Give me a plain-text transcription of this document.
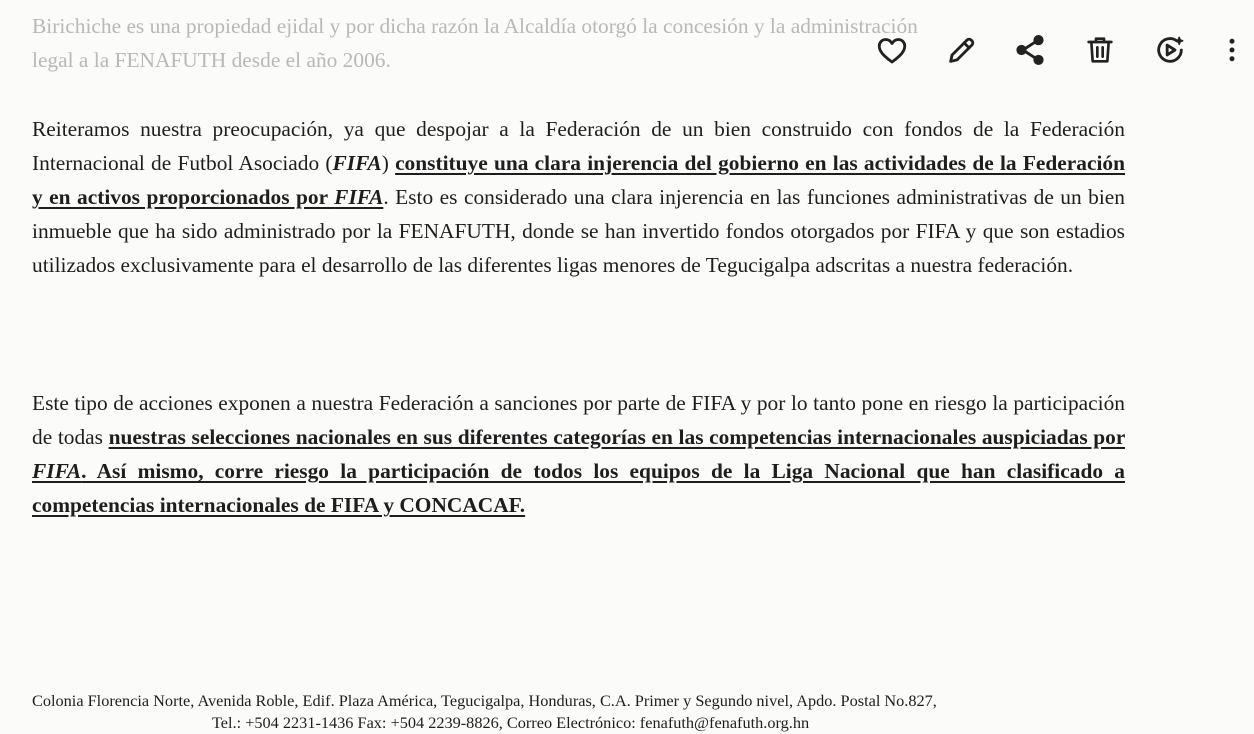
Birichiche es una propiedad ejidal y por dicha razón la Alcaldía otorgó la concesión y la administración
legal a la FENAFUTH desde el año 2006.

Reiteramos nuestra preocupación, ya que despojar a la Federación de un bien construido con fondos de la Federación Internacional de Futbol Asociado (FIFA) constituye una clara injerencia del gobierno en las actividades de la Federación y en activos proporcionados por FIFA. Esto es considerado una clara injerencia en las funciones administrativas de un bien inmueble que ha sido administrado por la FENAFUTH, donde se han invertido fondos otorgados por FIFA y que son estadios utilizados exclusivamente para el desarrollo de las diferentes ligas menores de Tegucigalpa adscritas a nuestra federación.

Este tipo de acciones exponen a nuestra Federación a sanciones por parte de FIFA y por lo tanto pone en riesgo la participación de todas nuestras selecciones nacionales en sus diferentes categorías en las competencias internacionales auspiciadas por FIFA. Así mismo, corre riesgo la participación de todos los equipos de la Liga Nacional que han clasificado a competencias internacionales de FIFA y CONCACAF.

Colonia Florencia Norte, Avenida Roble, Edif. Plaza América, Tegucigalpa, Honduras, C.A. Primer y Segundo nivel, Apdo. Postal No.827,
Tel.: +504 2231-1436 Fax: +504 2239-8826, Correo Electrónico: fenafuth@fenafuth.org.hn
